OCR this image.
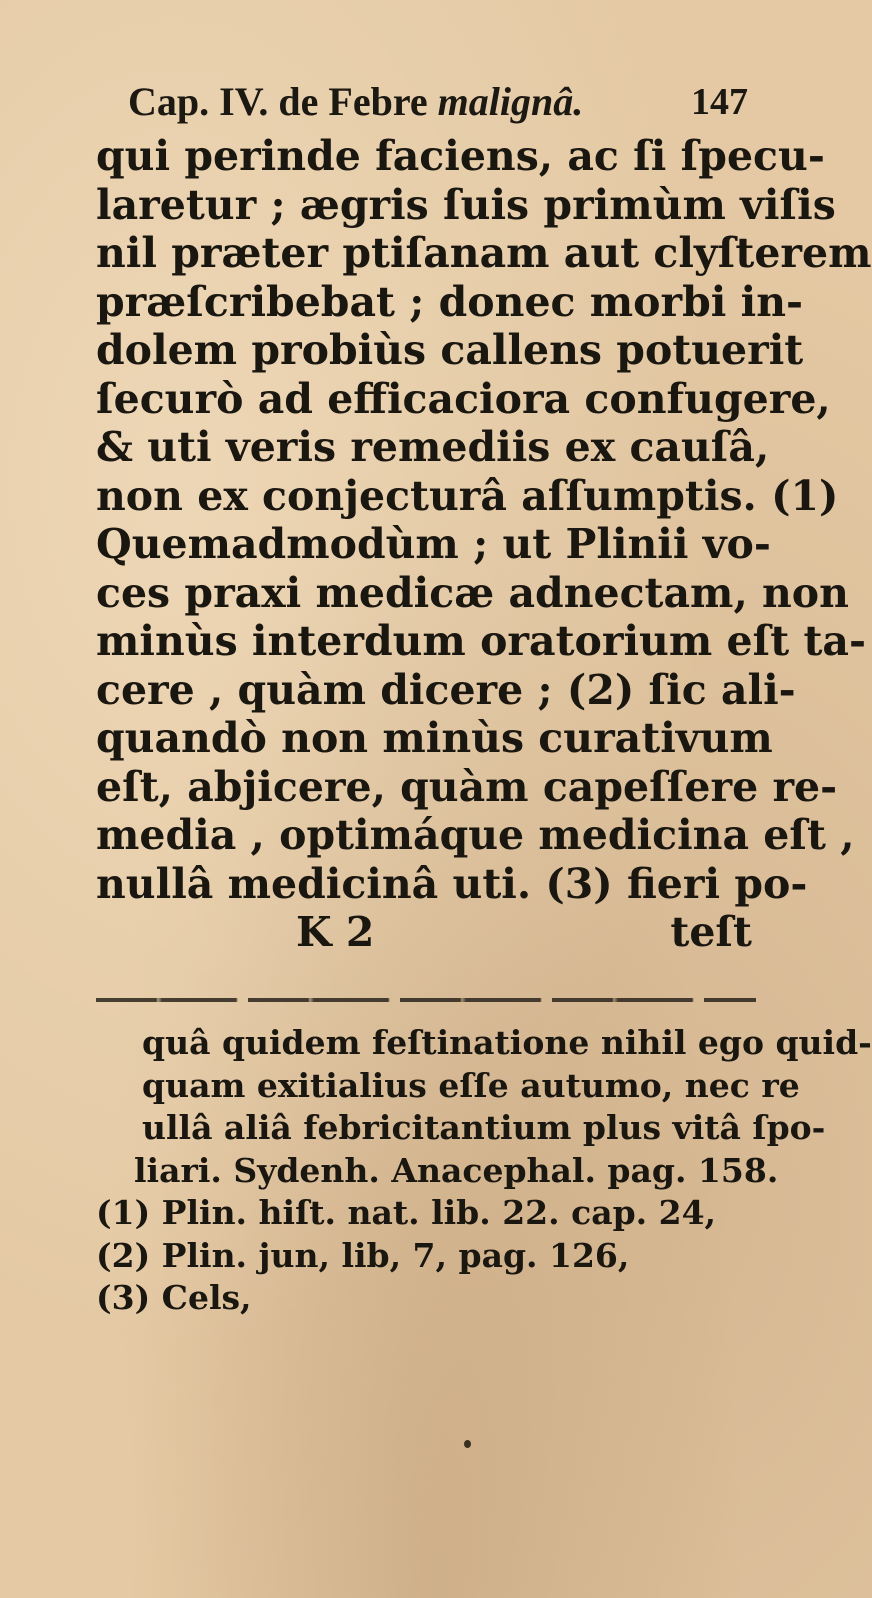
Cap. IV. de Febre malignâ.	147
qui perinde faciens, ac ſi ſpecu-
laretur ; ægris ſuis primùm viſis
nil præter ptiſanam aut clyſterem
præſcribebat ; donec morbi in-
dolem probiùs callens potuerit
ſecurò ad efficaciora confugere,
& uti veris remediis ex cauſâ,
non ex conjecturâ aſſumptis. (1)
Quemadmodùm ; ut Plinii vo-
ces praxi medicæ adnectam, non
minùs interdum oratorium eſt ta-
cere , quàm dicere ; (2) ſic ali-
quandò non minùs curativum
eſt, abjicere, quàm capeſſere re-
media , optimáque medicina eſt ,
nullâ medicinâ uti. (3) fieri po-
K 2	teſt
quâ quidem feſtinatione nihil ego quid-
quam exitialius eſſe autumo, nec re
ullâ aliâ febricitantium plus vitâ ſpo-
liari. Sydenh. Anacephal. pag. 158.
(1) Plin. hiſt. nat. lib. 22. cap. 24,
(2) Plin. jun, lib, 7, pag. 126,
(3) Cels,
